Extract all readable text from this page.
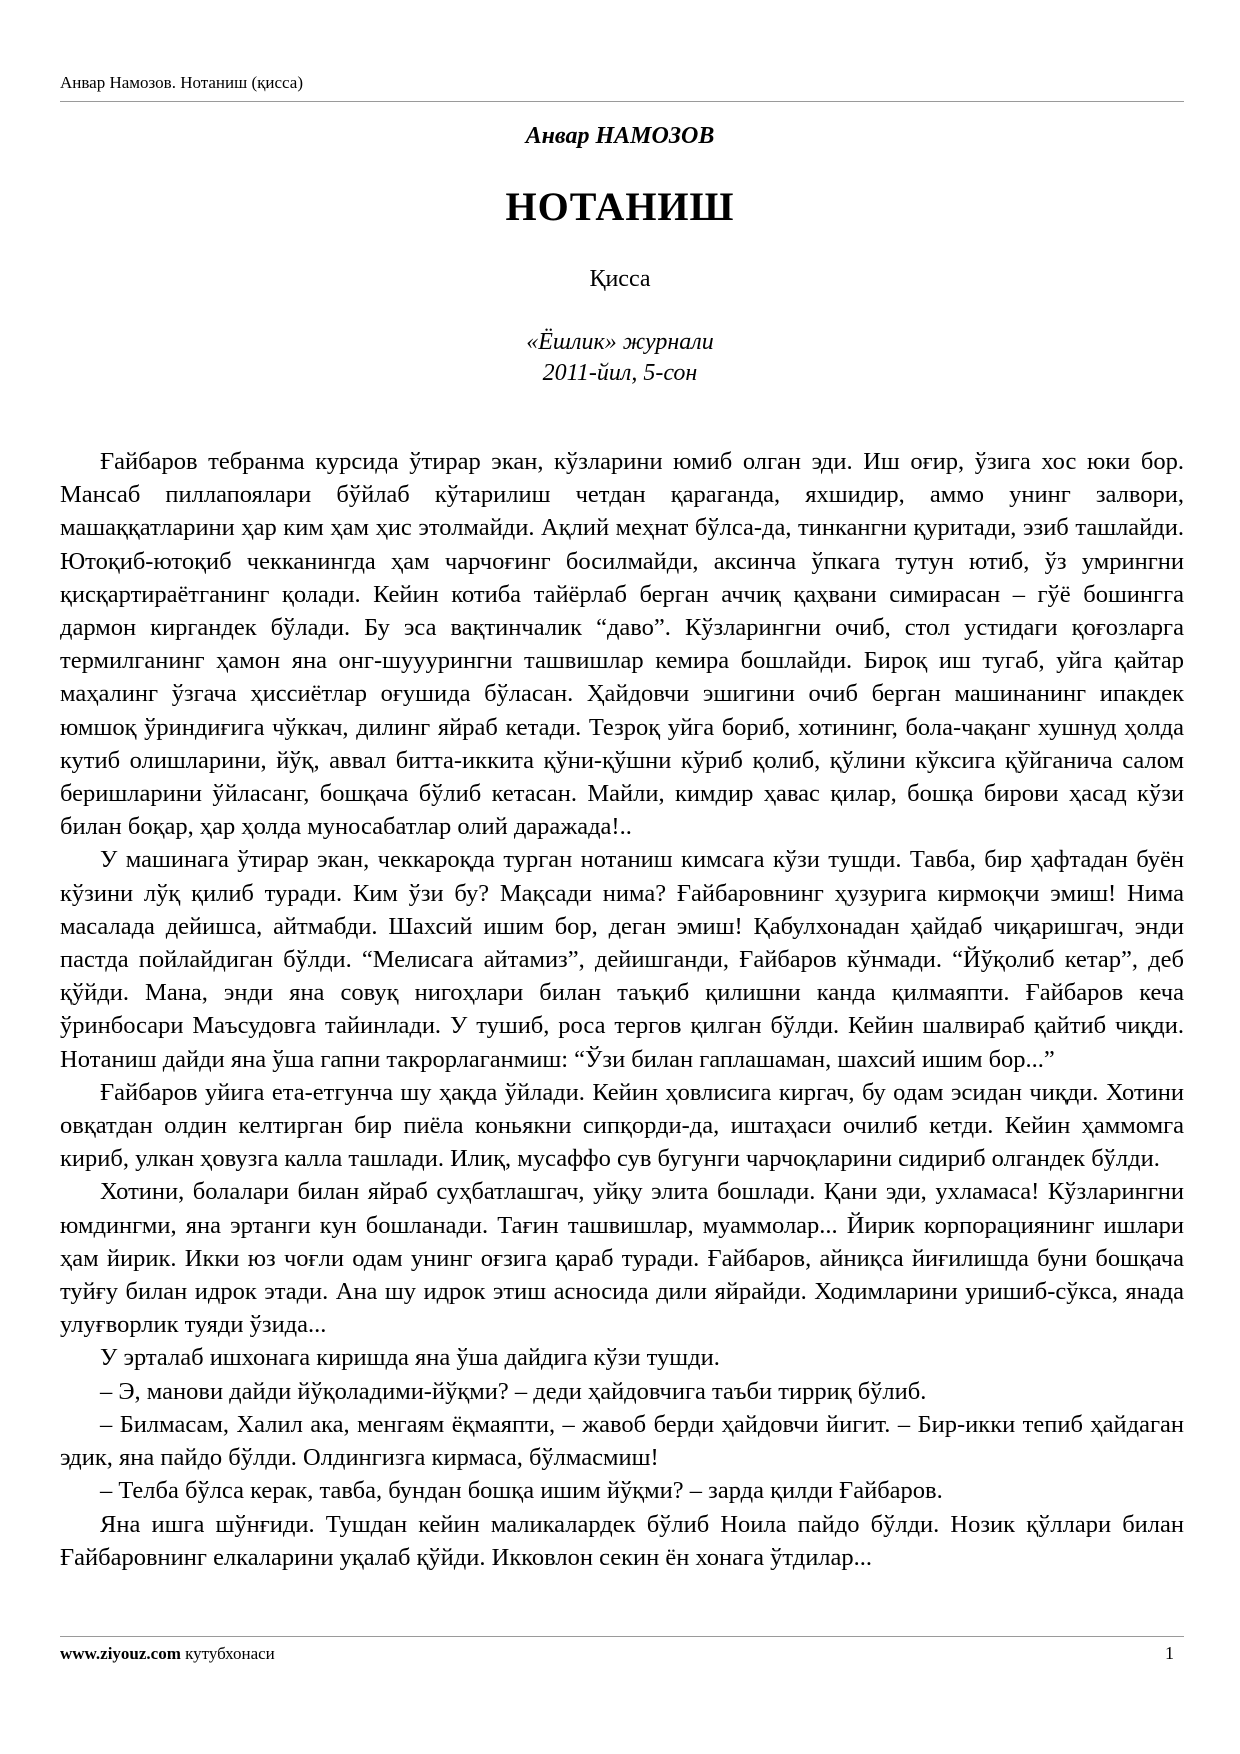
Анвар Намозов. Нотаниш (қисса)
Анвар НАМОЗОВ
НОТАНИШ
Қисса
«Ёшлик» журнали
2011-йил, 5-сон

Ғайбаров тебранма курсида ўтирар экан, кўзларини юмиб олган эди. Иш оғир, ўзига хос юки бор. Мансаб пиллапоялари бўйлаб кўтарилиш четдан қараганда, яхшидир, аммо унинг залвори, машаққатларини ҳар ким ҳам ҳис этолмайди. Ақлий меҳнат бўлса-да, тинкангни қуритади, эзиб ташлайди. Ютоқиб-ютоқиб чекканингда ҳам чарчоғинг босилмайди, аксинча ўпкага тутун ютиб, ўз умрингни қисқартираётганинг қолади. Кейин котиба тайёрлаб берган аччиқ қаҳвани симирасан – гўё бошингга дармон киргандек бўлади. Бу эса вақтинчалик “даво”. Кўзларингни очиб, стол устидаги қоғозларга термилганинг ҳамон яна онг-шууурингни ташвишлар кемира бошлайди. Бироқ иш тугаб, уйга қайтар маҳалинг ўзгача ҳиссиётлар оғушида бўласан. Ҳайдовчи эшигини очиб берган машинанинг ипакдек юмшоқ ўриндиғига чўккач, дилинг яйраб кетади. Тезроқ уйга бориб, хотининг, бола-чақанг хушнуд ҳолда кутиб олишларини, йўқ, аввал битта-иккита қўни-қўшни кўриб қолиб, қўлини кўксига қўйганича салом беришларини ўйласанг, бошқача бўлиб кетасан. Майли, кимдир ҳавас қилар, бошқа бирови ҳасад кўзи билан боқар, ҳар ҳолда муносабатлар олий даражада!..

У машинага ўтирар экан, чеккароқда турган нотаниш кимсага кўзи тушди. Тавба, бир ҳафтадан буён кўзини лўқ қилиб туради. Ким ўзи бу? Мақсади нима? Ғайбаровнинг ҳузурига кирмоқчи эмиш! Нима масалада дейишса, айтмабди. Шахсий ишим бор, деган эмиш! Қабулхонадан ҳайдаб чиқаришгач, энди пастда пойлайдиган бўлди. “Мелисага айтамиз”, дейишганди, Ғайбаров кўнмади. “Йўқолиб кетар”, деб қўйди. Мана, энди яна совуқ нигоҳлари билан таъқиб қилишни канда қилмаяпти. Ғайбаров кеча ўринбосари Маъсудовга тайинлади. У тушиб, роса тергов қилган бўлди. Кейин шалвираб қайтиб чиқди. Нотаниш дайди яна ўша гапни такрорлаганмиш: “Ўзи билан гаплашаман, шахсий ишим бор...”

Ғайбаров уйига ета-етгунча шу ҳақда ўйлади. Кейин ҳовлисига киргач, бу одам эсидан чиқди. Хотини овқатдан олдин келтирган бир пиёла коньякни сипқорди-да, иштаҳаси очилиб кетди. Кейин ҳаммомга кириб, улкан ҳовузга калла ташлади. Илиқ, мусаффо сув бугунги чарчоқларини сидириб олгандек бўлди.

Хотини, болалари билан яйраб суҳбатлашгач, уйқу элита бошлади. Қани эди, ухламаса! Кўзларингни юмдингми, яна эртанги кун бошланади. Тағин ташвишлар, муаммолар... Йирик корпорациянинг ишлари ҳам йирик. Икки юз чоғли одам унинг оғзига қараб туради. Ғайбаров, айниқса йиғилишда буни бошқача туйғу билан идрок этади. Ана шу идрок этиш асносида дили яйрайди. Ходимларини уришиб-сўкса, янада улуғворлик туяди ўзида...

У эрталаб ишхонага киришда яна ўша дайдига кўзи тушди.

– Э, манови дайди йўқоладими-йўқми? – деди ҳайдовчига таъби тирриқ бўлиб.

– Билмасам, Халил ака, менгаям ёқмаяпти, – жавоб берди ҳайдовчи йигит. – Бир-икки тепиб ҳайдаган эдик, яна пайдо бўлди. Олдингизга кирмаса, бўлмасмиш!

– Телба бўлса керак, тавба, бундан бошқа ишим йўқми? – зарда қилди Ғайбаров.

Яна ишга шўнғиди. Тушдан кейин маликалардек бўлиб Ноила пайдо бўлди. Нозик қўллари билан Ғайбаровнинг елкаларини уқалаб қўйди. Икковлон секин ён хонага ўтдилар...

www.ziyouz.com кутубхонаси	1
